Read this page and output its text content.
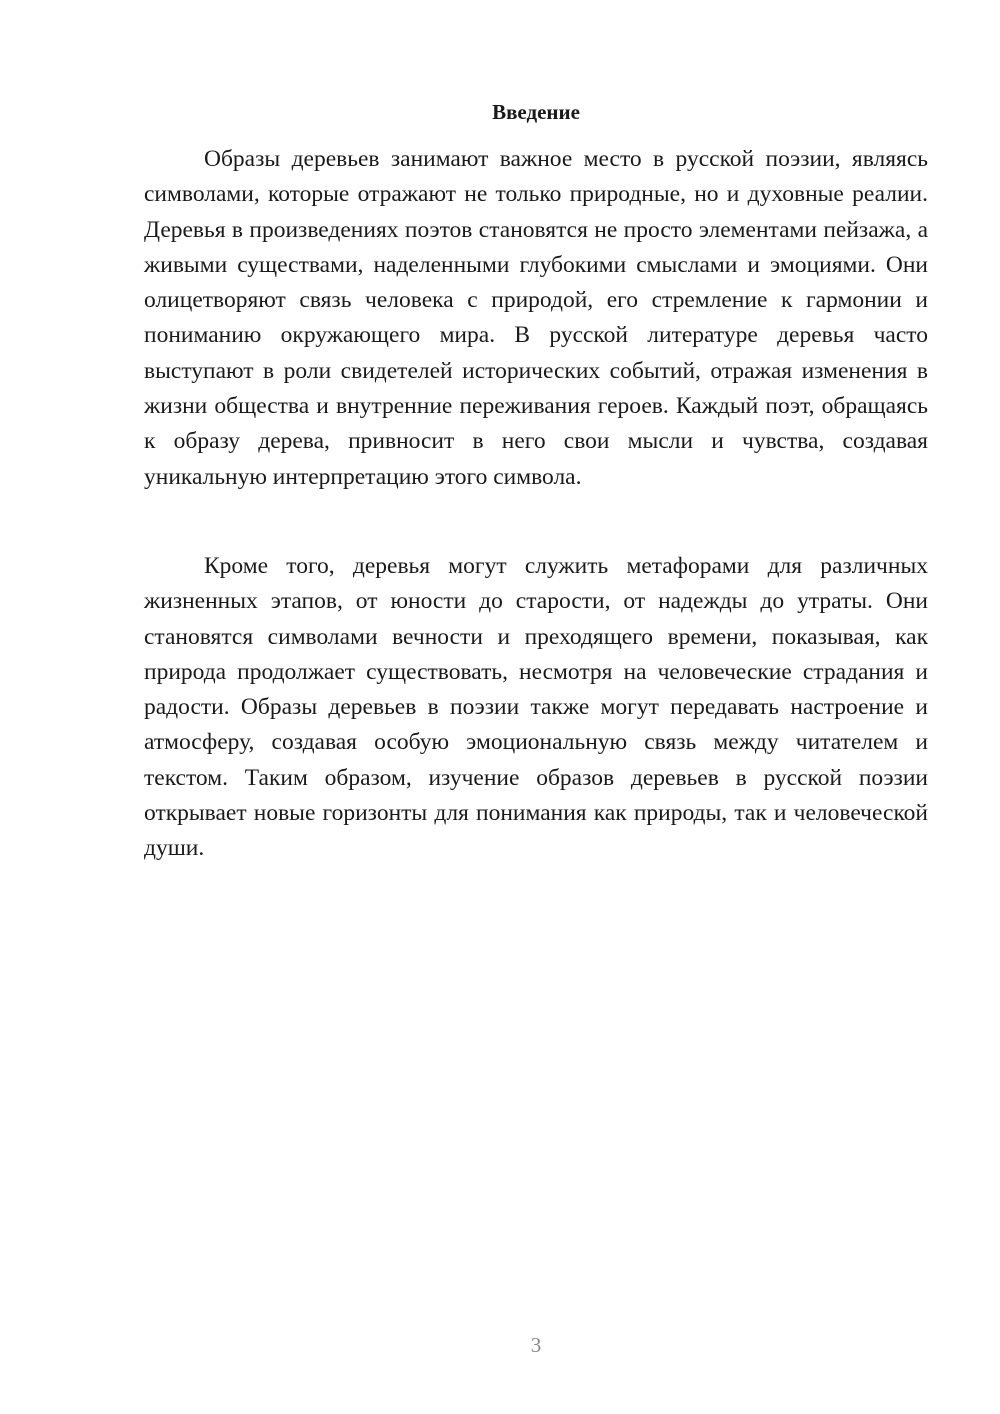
Введение

Образы деревьев занимают важное место в русской поэзии, являясь символами, которые отражают не только природные, но и духовные реалии. Деревья в произведениях поэтов становятся не просто элементами пейзажа, а живыми существами, наделенными глубокими смыслами и эмоциями. Они олицетворяют связь человека с природой, его стремление к гармонии и пониманию окружающего мира. В русской литературе деревья часто выступают в роли свидетелей исторических событий, отражая изменения в жизни общества и внутренние переживания героев. Каждый поэт, обращаясь к образу дерева, привносит в него свои мысли и чувства, создавая уникальную интерпретацию этого символа.

Кроме того, деревья могут служить метафорами для различных жизненных этапов, от юности до старости, от надежды до утраты. Они становятся символами вечности и преходящего времени, показывая, как природа продолжает существовать, несмотря на человеческие страдания и радости. Образы деревьев в поэзии также могут передавать настроение и атмосферу, создавая особую эмоциональную связь между читателем и текстом. Таким образом, изучение образов деревьев в русской поэзии открывает новые горизонты для понимания как природы, так и человеческой души.

3
